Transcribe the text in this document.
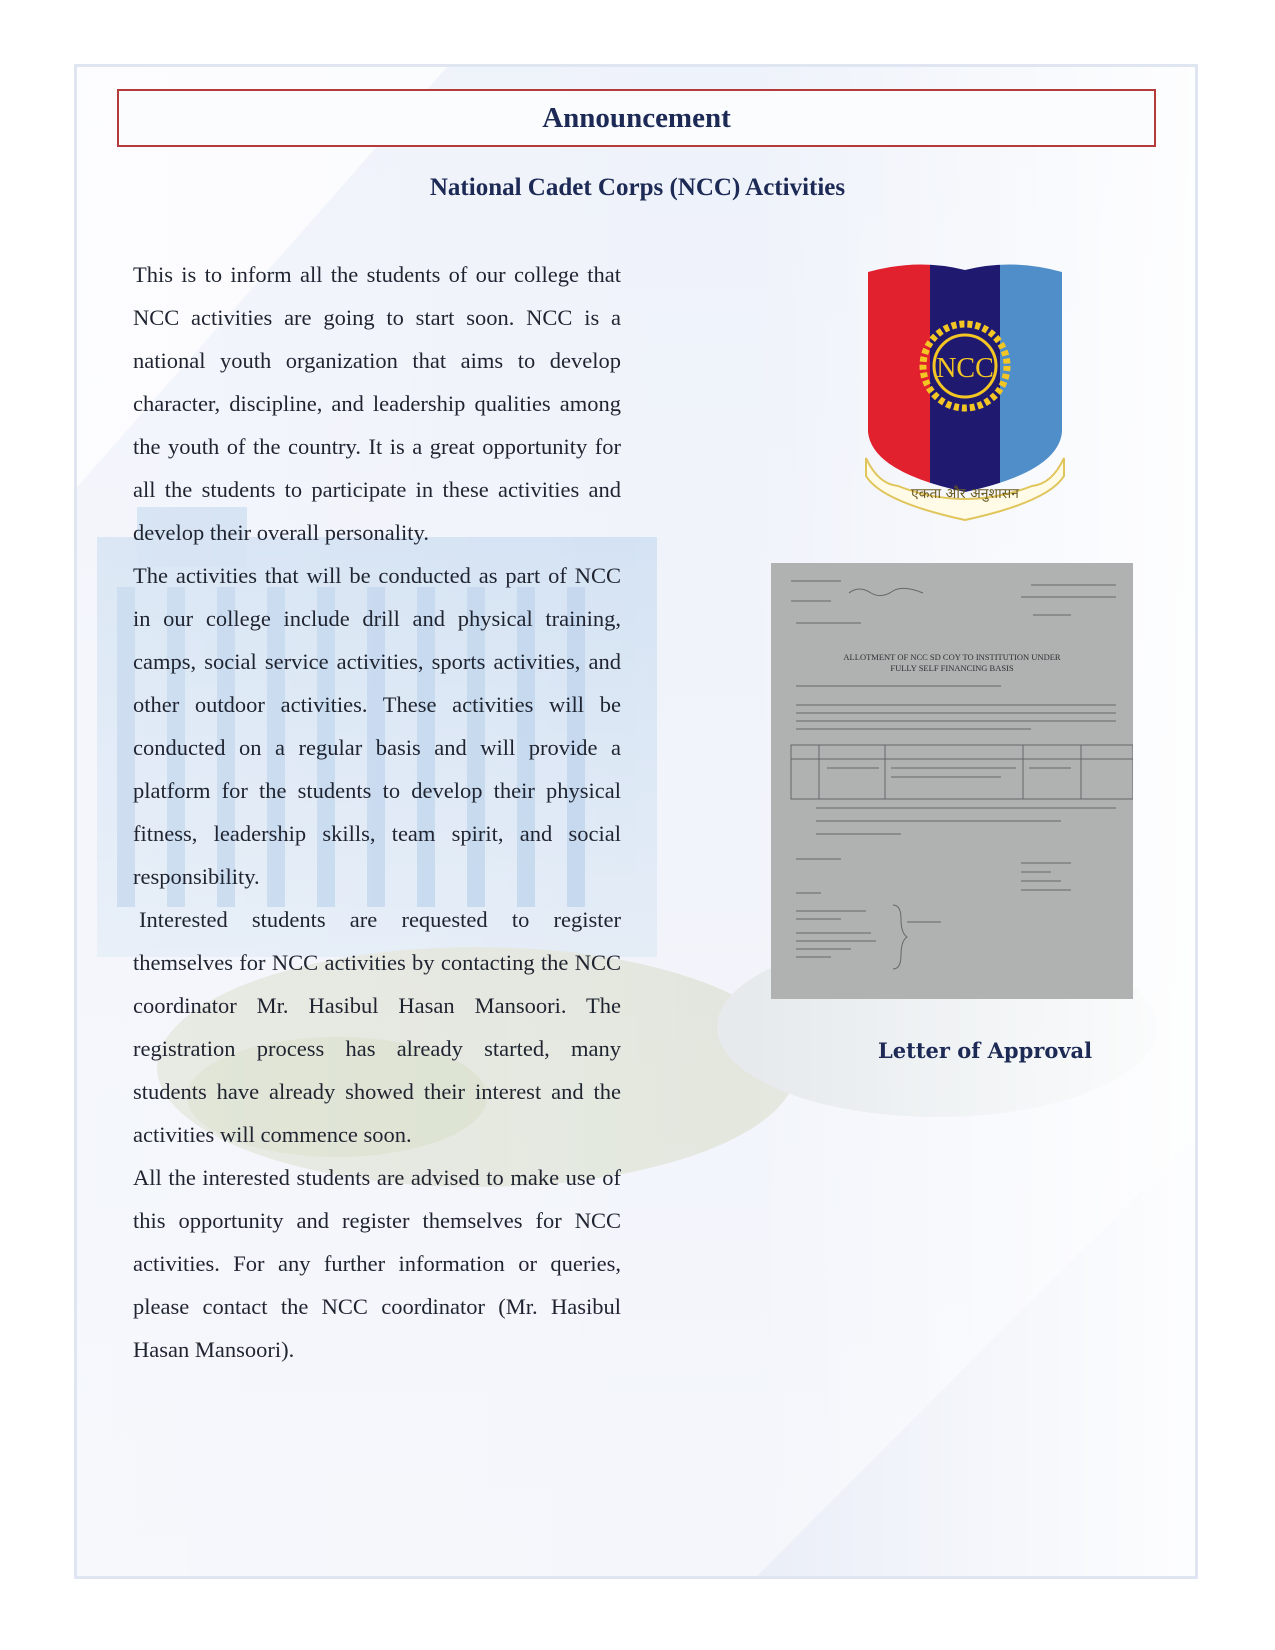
Announcement
National Cadet Corps (NCC) Activities

This is to inform all the students of our college that NCC activities are going to start soon. NCC is a national youth organization that aims to develop character, discipline, and leadership qualities among the youth of the country. It is a great opportunity for all the students to participate in these activities and develop their overall personality.

The activities that will be conducted as part of NCC in our college include drill and physical training, camps, social service activities, sports activities, and other outdoor activities. These activities will be conducted on a regular basis and will provide a platform for the students to develop their physical fitness, leadership skills, team spirit, and social responsibility.

Interested students are requested to register themselves for NCC activities by contacting the NCC coordinator Mr. Hasibul Hasan Mansoori. The registration process has already started, many students have already showed their interest and the activities will commence soon.

All the interested students are advised to make use of this opportunity and register themselves for NCC activities. For any further information or queries, please contact the NCC coordinator (Mr. Hasibul Hasan Mansoori).

NCC
एकता और अनुशासन
ALLOTMENT OF NCC SD COY TO INSTITUTION UNDER
FULLY SELF FINANCING BASIS
Letter of Approval
